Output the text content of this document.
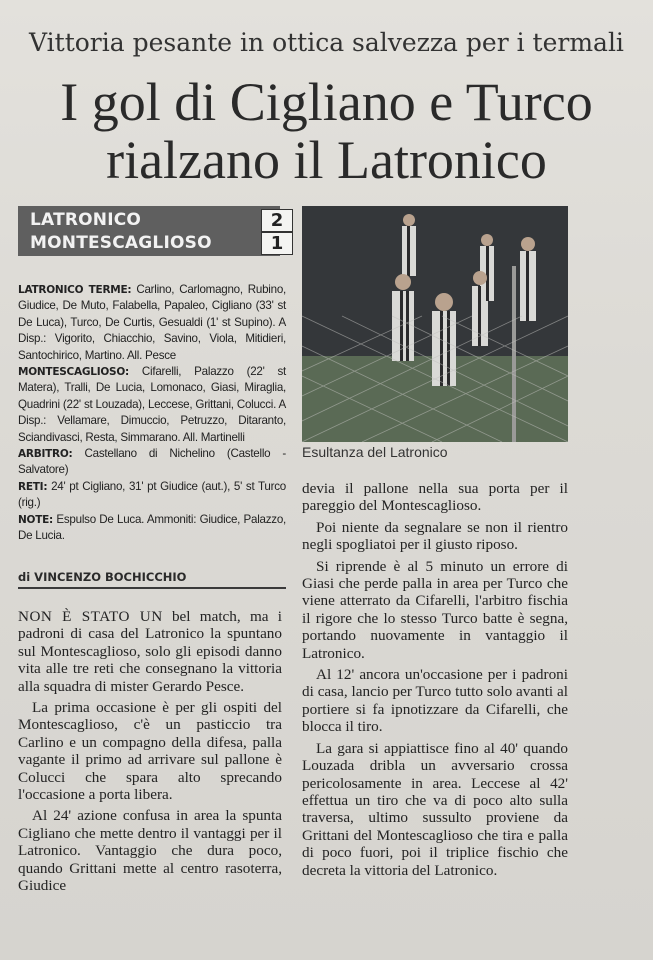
Vittoria pesante in ottica salvezza per i termali
I gol di Cigliano e Turco
rialzano il Latronico
LATRONICO	2
MONTESCAGLIOSO	1

LATRONICO TERME: Carlino, Carlomagno, Rubino, Giudice, De Muto, Falabella, Papaleo, Cigliano (33' st De Luca), Turco, De Curtis, Gesualdi (1' st Supino). A Disp.: Vigorito, Chiacchio, Savino, Viola, Mitidieri, Santochirico, Martino. All. Pesce

MONTESCAGLIOSO: Cifarelli, Palazzo (22' st Matera), Tralli, De Lucia, Lomonaco, Giasi, Miraglia, Quadrini (22' st Louzada), Leccese, Grittani, Colucci. A Disp.: Vellamare, Dimuccio, Petruzzo, Ditaranto, Sciandivasci, Resta, Simmarano. All. Martinelli

ARBITRO: Castellano di Nichelino (Castello - Salvatore)

RETI: 24' pt Cigliano, 31' pt Giudice (aut.), 5' st Turco (rig.)

NOTE: Espulso De Luca. Ammoniti: Giudice, Palazzo, De Lucia.

Esultanza del Latronico
di VINCENZO BOCHICCHIO

NON È STATO UN bel match, ma i padroni di casa del Latronico la spuntano sul Montescaglioso, solo gli episodi danno vita alle tre reti che consegnano la vittoria alla squadra di mister Gerardo Pesce.

La prima occasione è per gli ospiti del Montescaglioso, c'è un pasticcio tra Carlino e un compagno della difesa, palla vagante il primo ad arrivare sul pallone è Colucci che spara alto sprecando l'occasione a porta libera.

Al 24' azione confusa in area la spunta Cigliano che mette dentro il vantaggi per il Latronico. Vantaggio che dura poco, quando Grittani mette al centro rasoterra, Giudice

devia il pallone nella sua porta per il pareggio del Montescaglioso.

Poi niente da segnalare se non il rientro negli spogliatoi per il giusto riposo.

Si riprende è al 5 minuto un errore di Giasi che perde palla in area per Turco che viene atterrato da Cifarelli, l'arbitro fischia il rigore che lo stesso Turco batte è segna, portando nuovamente in vantaggio il Latronico.

Al 12' ancora un'occasione per i padroni di casa, lancio per Turco tutto solo avanti al portiere si fa ipnotizzare da Cifarelli, che blocca il tiro.

La gara si appiattisce fino al 40' quando Louzada dribla un avversario crossa pericolosamente in area. Leccese al 42' effettua un tiro che va di poco alto sulla traversa, ultimo sussulto proviene da Grittani del Montescaglioso che tira e palla di poco fuori, poi il triplice fischio che decreta la vittoria del Latronico.
